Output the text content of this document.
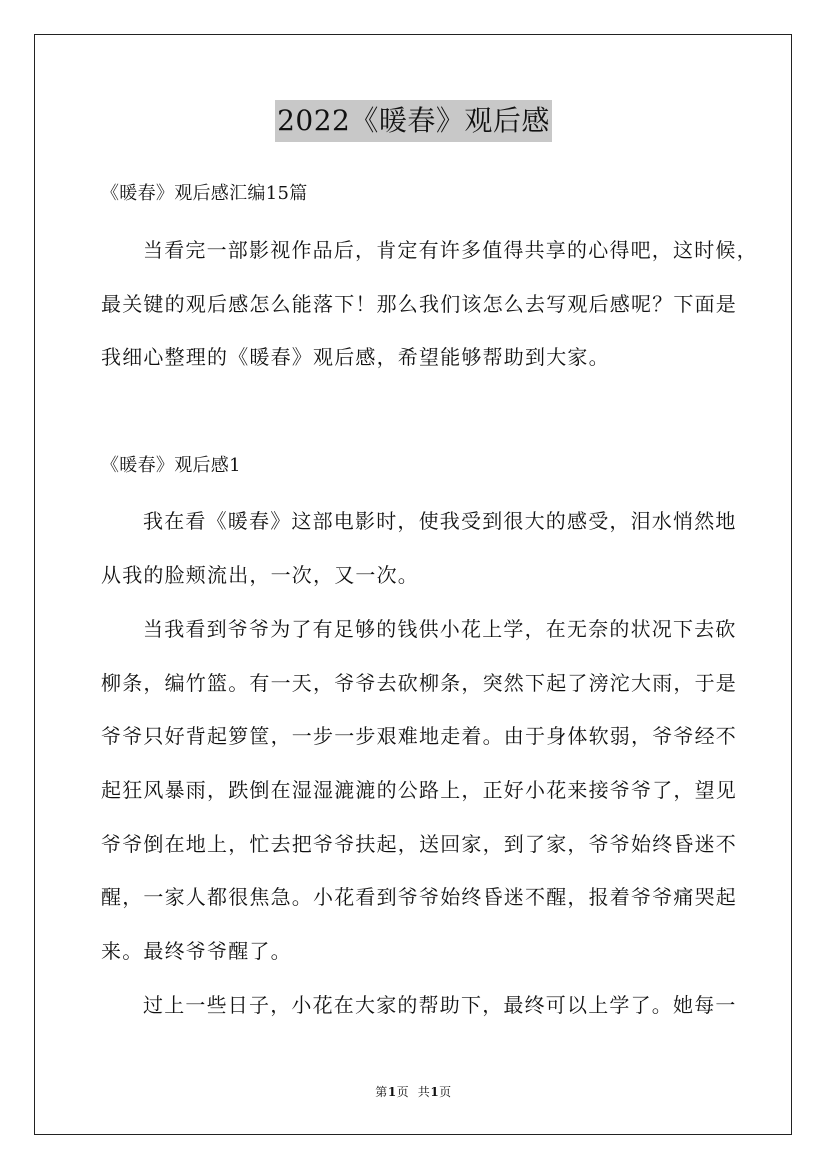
2022《暖春》观后感
《暖春》观后感汇编15篇
当看完一部影视作品后，肯定有许多值得共享的心得吧，这时候，
最关键的观后感怎么能落下！那么我们该怎么去写观后感呢？下面是
我细心整理的《暖春》观后感，希望能够帮助到大家。
《暖春》观后感1
我在看《暖春》这部电影时，使我受到很大的感受，泪水悄然地
从我的脸颊流出，一次，又一次。
当我看到爷爷为了有足够的钱供小花上学，在无奈的状况下去砍
柳条，编竹篮。有一天，爷爷去砍柳条，突然下起了滂沱大雨，于是
爷爷只好背起箩筐，一步一步艰难地走着。由于身体软弱，爷爷经不
起狂风暴雨，跌倒在湿湿漉漉的公路上，正好小花来接爷爷了，望见
爷爷倒在地上，忙去把爷爷扶起，送回家，到了家，爷爷始终昏迷不
醒，一家人都很焦急。小花看到爷爷始终昏迷不醒，报着爷爷痛哭起
来。最终爷爷醒了。
过上一些日子，小花在大家的帮助下，最终可以上学了。她每一
第1页  共1页
